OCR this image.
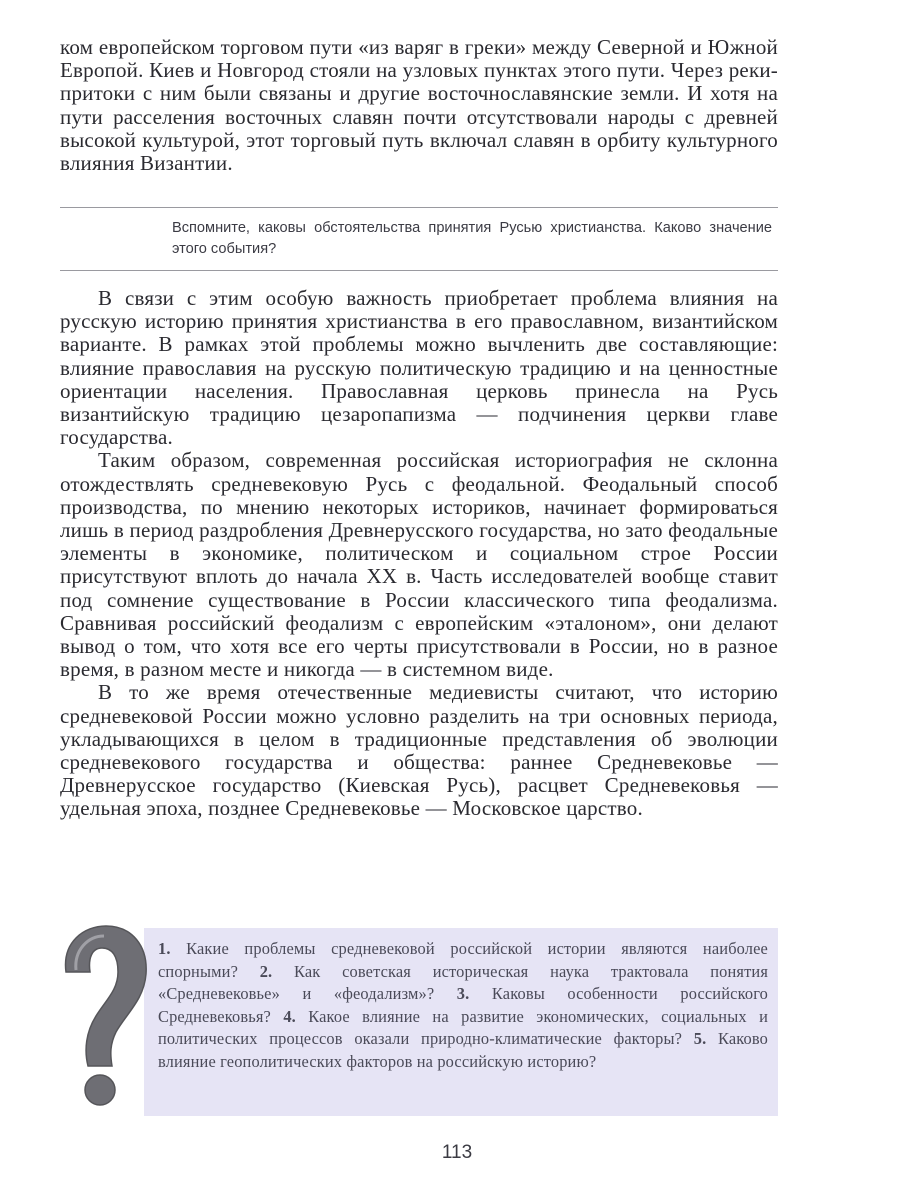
ком европейском торговом пути «из варяг в греки» между Северной и Южной Европой. Киев и Новгород стояли на узловых пунктах этого пути. Через реки-притоки с ним были связаны и другие восточнославянские земли. И хотя на пути расселения восточных славян почти отсутствовали народы с древней высокой культурой, этот торговый путь включал славян в орбиту культурного влияния Византии.

Вспомните, каковы обстоятельства принятия Русью христианства. Каково значение этого события?

В связи с этим особую важность приобретает проблема влияния на русскую историю принятия христианства в его православном, византийском варианте. В рамках этой проблемы можно вычленить две составляющие: влияние православия на русскую политическую традицию и на ценностные ориентации населения. Православная церковь принесла на Русь византийскую традицию цезаропапизма — подчинения церкви главе государства.

Таким образом, современная российская историография не склонна отождествлять средневековую Русь с феодальной. Феодальный способ производства, по мнению некоторых историков, начинает формироваться лишь в период раздробления Древнерусского государства, но зато феодальные элементы в экономике, политическом и социальном строе России присутствуют вплоть до начала XX в. Часть исследователей вообще ставит под сомнение существование в России классического типа феодализма. Сравнивая российский феодализм с европейским «эталоном», они делают вывод о том, что хотя все его черты присутствовали в России, но в разное время, в разном месте и никогда — в системном виде.

В то же время отечественные медиевисты считают, что историю средневековой России можно условно разделить на три основных периода, укладывающихся в целом в традиционные представления об эволюции средневекового государства и общества: раннее Средневековье — Древнерусское государство (Киевская Русь), расцвет Средневековья — удельная эпоха, позднее Средневековье — Московское царство.

1. Какие проблемы средневековой российской истории являются наиболее спорными? 2. Как советская историческая наука трактовала понятия «Средневековье» и «феодализм»? 3. Каковы особенности российского Средневековья? 4. Какое влияние на развитие экономических, социальных и политических процессов оказали природно-климатические факторы? 5. Каково влияние геополитических факторов на российскую историю?

113
